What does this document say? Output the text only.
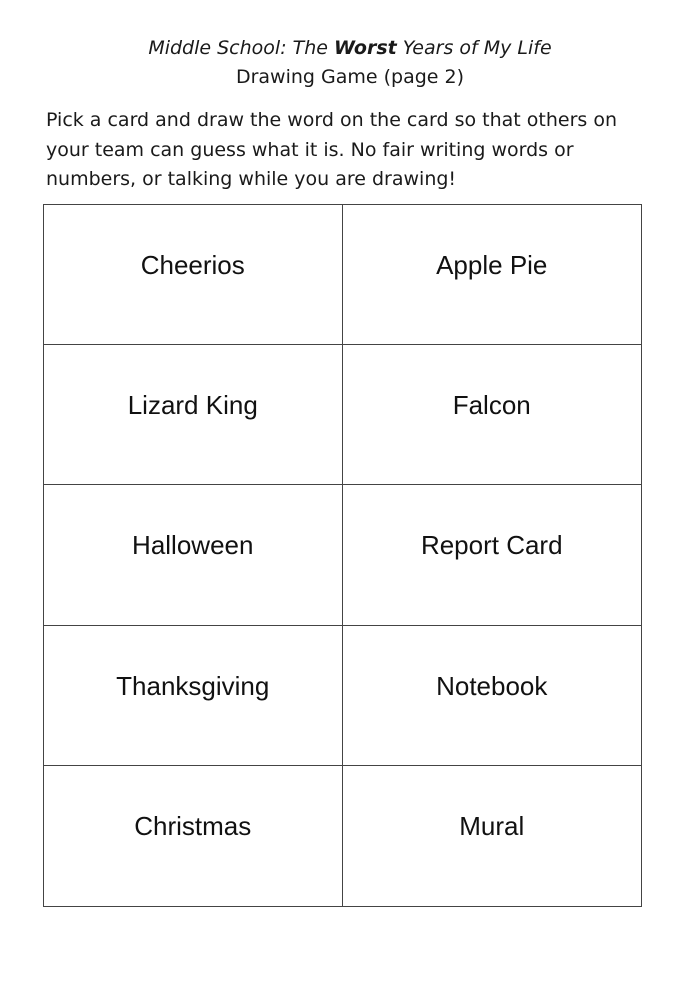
Middle School: The Worst Years of My Life
Drawing Game (page 2)
Pick a card and draw the word on the card so that others on your team can guess what it is. No fair writing words or numbers, or talking while you are drawing!
Cheerios	Apple Pie
Lizard King	Falcon
Halloween	Report Card
Thanksgiving	Notebook
Christmas	Mural
